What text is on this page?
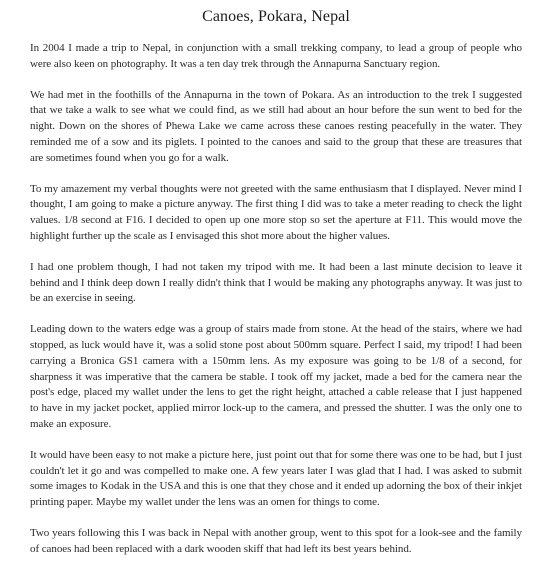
Canoes, Pokara, Nepal

In 2004 I made a trip to Nepal, in conjunction with a small trekking company, to lead a group of people who were also keen on photography. It was a ten day trek through the Annapurna Sanctuary region.

We had met in the foothills of the Annapurna in the town of Pokara. As an introduction to the trek I suggested that we take a walk to see what we could find, as we still had about an hour before the sun went to bed for the night. Down on the shores of Phewa Lake we came across these canoes resting peacefully in the water. They reminded me of a sow and its piglets. I pointed to the canoes and said to the group that these are treasures that are sometimes found when you go for a walk.

To my amazement my verbal thoughts were not greeted with the same enthusiasm that I displayed. Never mind I thought, I am going to make a picture anyway. The first thing I did was to take a meter reading to check the light values. 1/8 second at F16. I decided to open up one more stop so set the aperture at F11. This would move the highlight further up the scale as I envisaged this shot more about the higher values.

I had one problem though, I had not taken my tripod with me. It had been a last minute decision to leave it behind and I think deep down I really didn't think that I would be making any photographs anyway. It was just to be an exercise in seeing.

Leading down to the waters edge was a group of stairs made from stone. At the head of the stairs, where we had stopped, as luck would have it, was a solid stone post about 500mm square. Perfect I said, my tripod! I had been carrying a Bronica GS1 camera with a 150mm lens. As my exposure was going to be 1/8 of a second, for sharpness it was imperative that the camera be stable. I took off my jacket, made a bed for the camera near the post's edge, placed my wallet under the lens to get the right height, attached a cable release that I just happened to have in my jacket pocket, applied mirror lock-up to the camera, and pressed the shutter. I was the only one to make an exposure.

It would have been easy to not make a picture here, just point out that for some there was one to be had, but I just couldn't let it go and was compelled to make one. A few years later I was glad that I had. I was asked to submit some images to Kodak in the USA and this is one that they chose and it ended up adorning the box of their inkjet printing paper. Maybe my wallet under the lens was an omen for things to come.

Two years following this I was back in Nepal with another group, went to this spot for a look-see and the family of canoes had been replaced with a dark wooden skiff that had left its best years behind.
